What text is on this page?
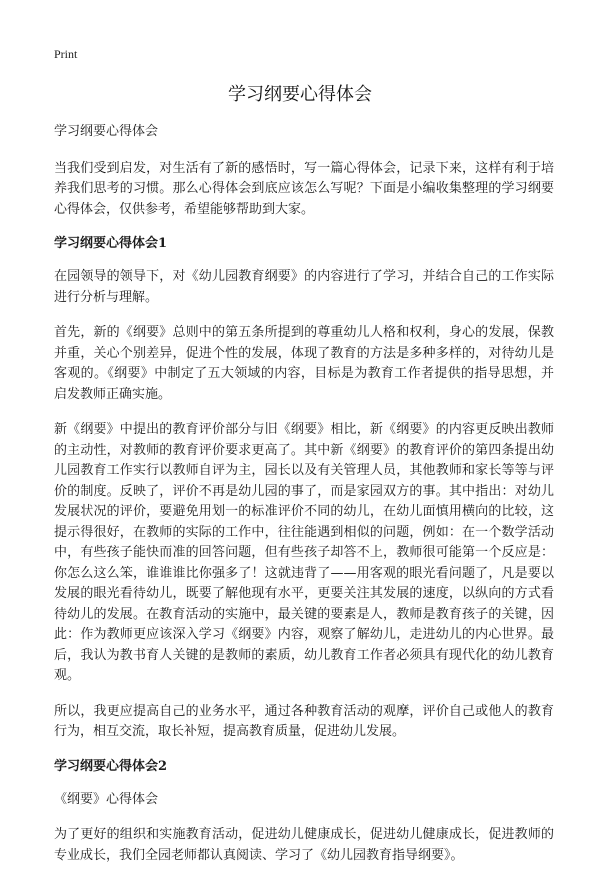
Print
学习纲要心得体会

学习纲要心得体会

当我们受到启发，对生活有了新的感悟时，写一篇心得体会，记录下来，这样有利于培养我们思考的习惯。那么心得体会到底应该怎么写呢？下面是小编收集整理的学习纲要心得体会，仅供参考，希望能够帮助到大家。

学习纲要心得体会1

在园领导的领导下，对《幼儿园教育纲要》的内容进行了学习，并结合自己的工作实际进行分析与理解。

首先，新的《纲要》总则中的第五条所提到的尊重幼儿人格和权利，身心的发展，保教并重，关心个别差异，促进个性的发展，体现了教育的方法是多种多样的，对待幼儿是客观的。《纲要》中制定了五大领域的内容，目标是为教育工作者提供的指导思想，并启发教师正确实施。

新《纲要》中提出的教育评价部分与旧《纲要》相比，新《纲要》的内容更反映出教师的主动性，对教师的教育评价要求更高了。其中新《纲要》的教育评价的第四条提出幼儿园教育工作实行以教师自评为主，园长以及有关管理人员，其他教师和家长等等与评价的制度。反映了，评价不再是幼儿园的事了，而是家园双方的事。其中指出：对幼儿发展状况的评价，要避免用划一的标准评价不同的幼儿，在幼儿面慎用横向的比较，这提示得很好，在教师的实际的工作中，往往能遇到相似的问题，例如：在一个数学活动中，有些孩子能快而准的回答问题，但有些孩子却答不上，教师很可能第一个反应是：你怎么这么笨，谁谁谁比你强多了！这就违背了——用客观的眼光看问题了，凡是要以发展的眼光看待幼儿，既要了解他现有水平，更要关注其发展的速度，以纵向的方式看待幼儿的发展。在教育活动的实施中，最关键的要素是人，教师是教育孩子的关键，因此：作为教师更应该深入学习《纲要》内容，观察了解幼儿，走进幼儿的内心世界。最后，我认为教书育人关键的是教师的素质，幼儿教育工作者必须具有现代化的幼儿教育观。

所以，我更应提高自己的业务水平，通过各种教育活动的观摩，评价自己或他人的教育行为，相互交流，取长补短，提高教育质量，促进幼儿发展。

学习纲要心得体会2

《纲要》心得体会

为了更好的组织和实施教育活动，促进幼儿健康成长，促进幼儿健康成长，促进教师的专业成长，我们全园老师都认真阅读、学习了《幼儿园教育指导纲要》。
